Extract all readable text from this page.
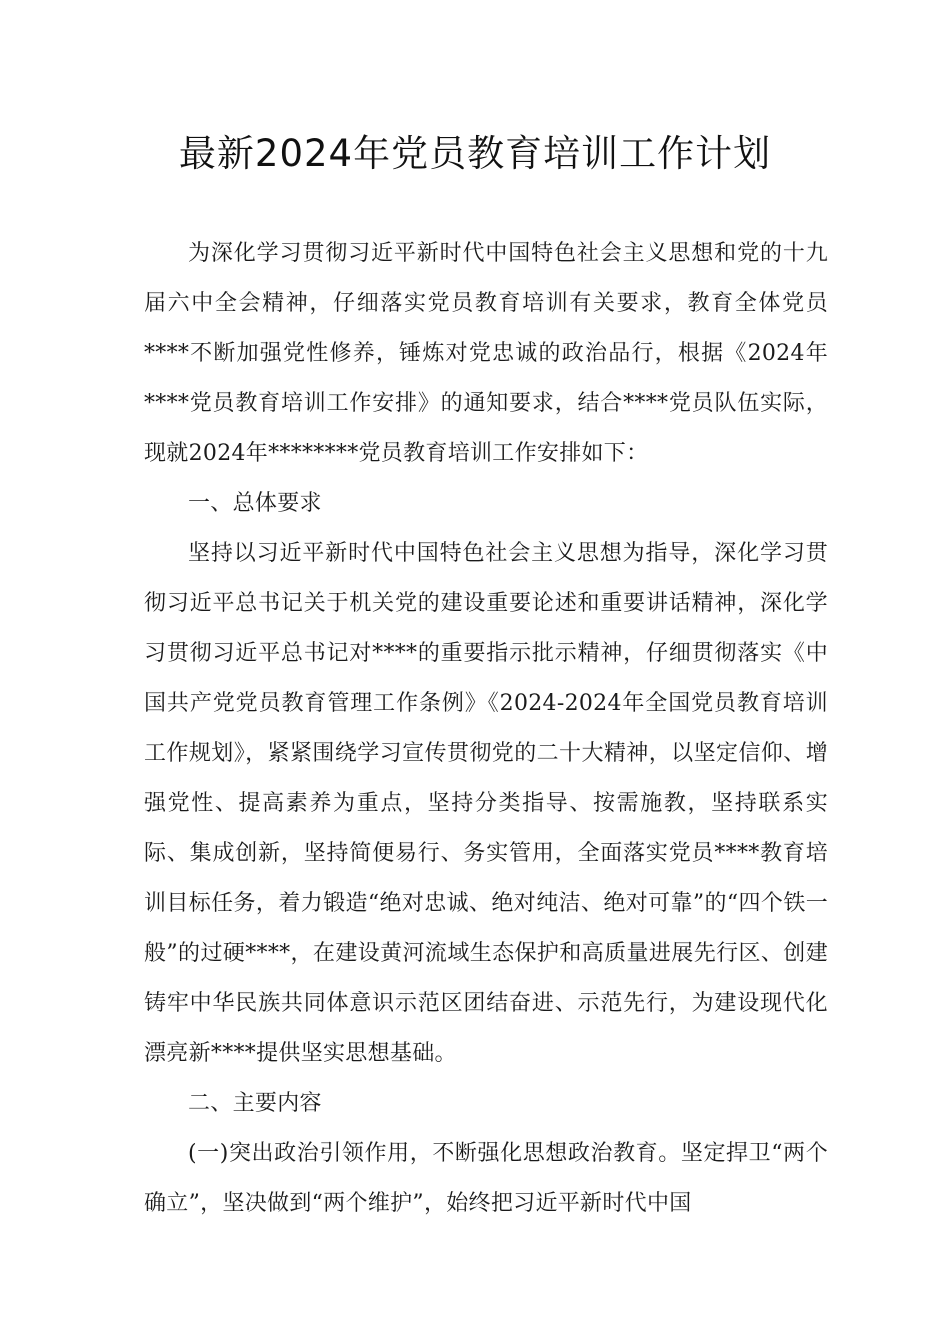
最新2024年党员教育培训工作计划

为深化学习贯彻习近平新时代中国特色社会主义思想和党的十九届六中全会精神，仔细落实党员教育培训有关要求，教育全体党员****不断加强党性修养，锤炼对党忠诚的政治品行，根据《2024年****党员教育培训工作安排》的通知要求，结合****党员队伍实际，现就2024年********党员教育培训工作安排如下：

一、总体要求

坚持以习近平新时代中国特色社会主义思想为指导，深化学习贯彻习近平总书记关于机关党的建设重要论述和重要讲话精神，深化学习贯彻习近平总书记对****的重要指示批示精神，仔细贯彻落实《中国共产党党员教育管理工作条例》《2024-2024年全国党员教育培训工作规划》，紧紧围绕学习宣传贯彻党的二十大精神，以坚定信仰、增强党性、提高素养为重点，坚持分类指导、按需施教，坚持联系实际、集成创新，坚持简便易行、务实管用，全面落实党员****教育培训目标任务，着力锻造“绝对忠诚、绝对纯洁、绝对可靠”的“四个铁一般”的过硬****，在建设黄河流域生态保护和高质量进展先行区、创建铸牢中华民族共同体意识示范区团结奋进、示范先行，为建设现代化漂亮新****提供坚实思想基础。

二、主要内容

(一)突出政治引领作用，不断强化思想政治教育。坚定捍卫“两个确立”，坚决做到“两个维护”，始终把习近平新时代中国
